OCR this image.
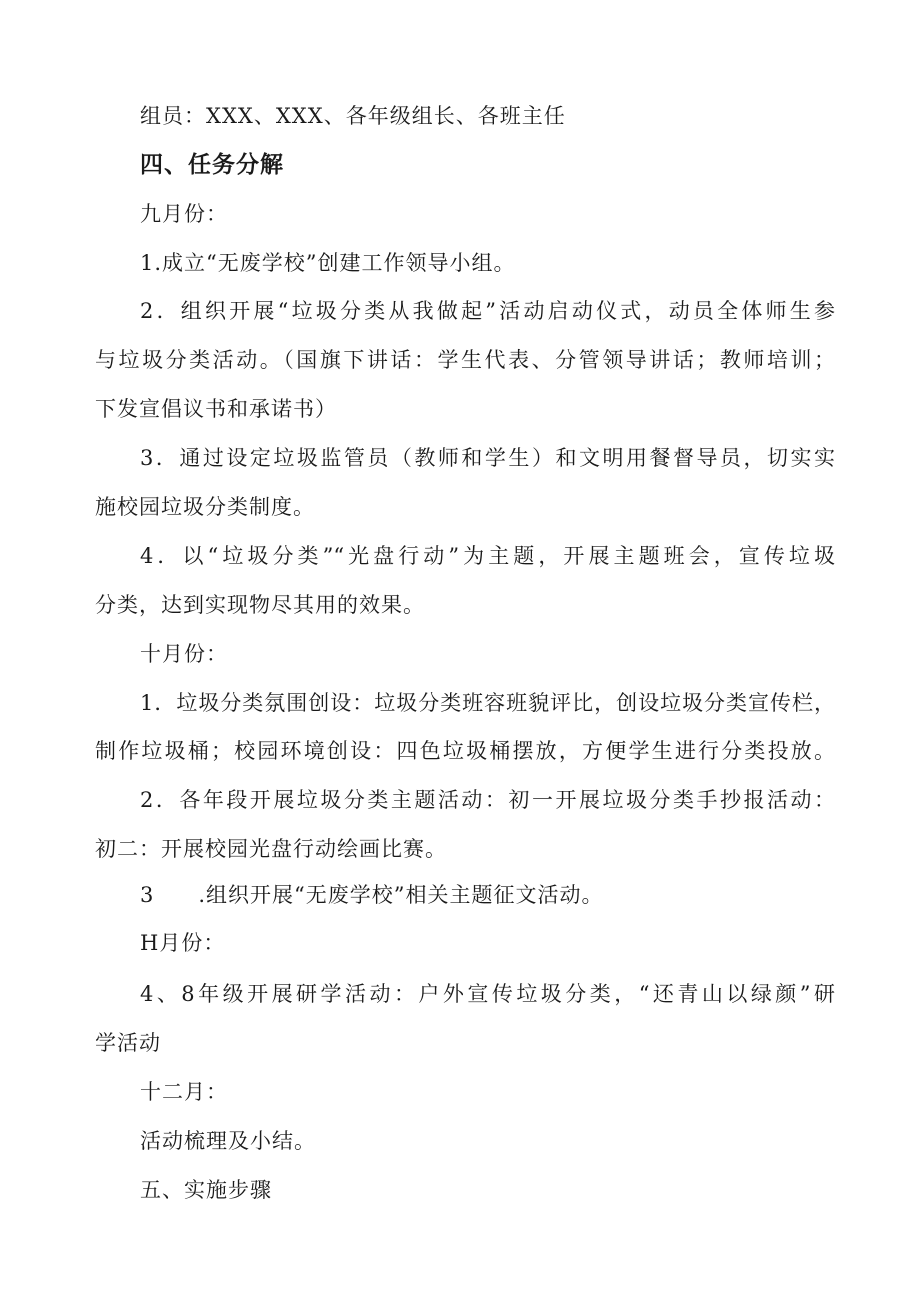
组员：XXX、XXX、各年级组长、各班主任
四、任务分解
九月份：
1.成立“无废学校”创建工作领导小组。
2．组织开展“垃圾分类从我做起”活动启动仪式，动员全体师生参
与垃圾分类活动。（国旗下讲话：学生代表、分管领导讲话；教师培训；
下发宣倡议书和承诺书）
3．通过设定垃圾监管员（教师和学生）和文明用餐督导员，切实实
施校园垃圾分类制度。
4．以“垃圾分类”“光盘行动”为主题，开展主题班会，宣传垃圾
分类，达到实现物尽其用的效果。
十月份：
1．垃圾分类氛围创设：垃圾分类班容班貌评比，创设垃圾分类宣传栏，
制作垃圾桶；校园环境创设：四色垃圾桶摆放，方便学生进行分类投放。
2．各年段开展垃圾分类主题活动：初一开展垃圾分类手抄报活动：
初二：开展校园光盘行动绘画比赛。
3　　.组织开展“无废学校”相关主题征文活动。
H月份：
4、8年级开展研学活动：户外宣传垃圾分类，“还青山以绿颜”研
学活动
十二月：
活动梳理及小结。
五、实施步骤
